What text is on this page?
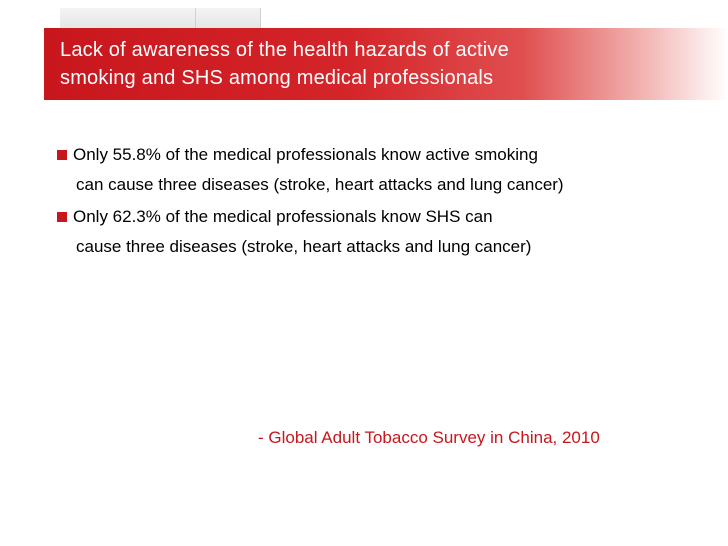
Lack of awareness of the health hazards of active
smoking and SHS among medical professionals
Only 55.8% of the medical professionals know active smoking
can cause three diseases (stroke, heart attacks and lung cancer)
Only 62.3% of the medical professionals know SHS can
cause three diseases (stroke, heart attacks and lung cancer)
- Global Adult Tobacco Survey in China, 2010
